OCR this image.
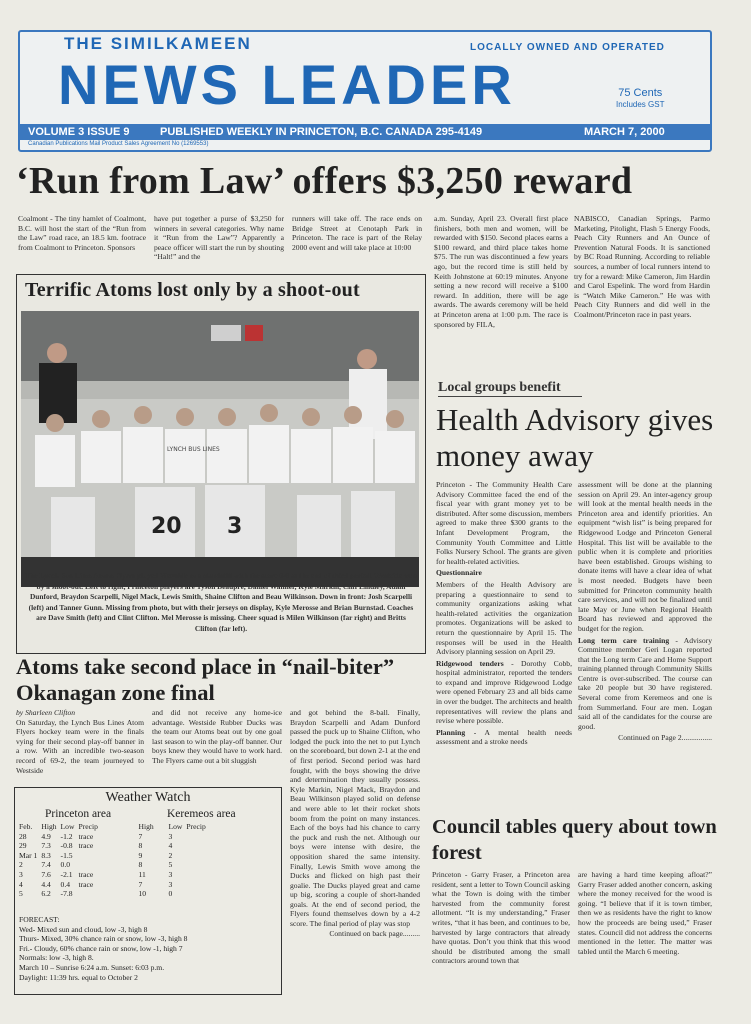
THE SIMILKAMEEN
NEWS LEADER
LOCALLY OWNED AND OPERATED
75 Cents
Includes GST
VOLUME 3 ISSUE 9	PUBLISHED WEEKLY IN PRINCETON, B.C. CANADA 295-4149	MARCH 7, 2000
Canadian Publications Mail Product Sales Agreement No (1269553)
‘Run from Law’ offers $3,250 reward
Coalmont - The tiny hamlet of Coalmont, B.C. will host the start of the “Run from the Law” road race, an 18.5 km. footrace from Coalmont to Princeton. Sponsors
have put together a purse of $3,250 for winners in several categories. Why name it “Run from the Law”? Apparently a peace officer will start the run by shouting “Halt!” and the
runners will take off. The race ends on Bridge Street at Cenotaph Park in Princeton. The race is part of the Relay 2000 event and will take place at 10:00
a.m. Sunday, April 23. Overall first place finishers, both men and women, will be rewarded with $150. Second places earns a $100 reward, and third place takes home $75. The run was discontinued a few years ago, but the record time is still held by Keith Johnstone at 60:19 minutes. Anyone setting a new record will receive a $100 reward. In addition, there will be age awards. The awards ceremony will be held at Princeton arena at 1:00 p.m. The race is sponsored by FILA,
NABISCO, Canadian Springs, Parmo Marketing, Pitolight, Flash 5 Energy Foods, Peach City Runners and An Ounce of Prevention Natural Foods. It is sanctioned by BC Road Running. According to reliable sources, a number of local runners intend to try for a reward: Mike Cameron, Jim Hardin and Carol Espelink. The word from Hardin is “Watch Mike Cameron.” He was with Peach City Runners and did well in the Coalmont/Princeton race in past years.
Terrific Atoms lost only by a shoot-out
20 3
LYNCH BUS LINES
The Lynch Bus Lines Atoms Flyers played Westside to a standstill with the score 6-6 at the end of third period. Westside won by a shoot-out. Left to right, Princeton players are Tyson Beaupré, Daniel Wanner, Kyle Markin, Cliff Lindley, Adam Dunford, Braydon Scarpelli, Nigel Mack, Lewis Smith, Shaine Clifton and Beau Wilkinson. Down in front: Josh Scarpelli (left) and Tanner Gunn. Missing from photo, but with their jerseys on display, Kyle Merosse and Brian Burnstad. Coaches are Dave Smith (left) and Clint Clifton. Mel Merosse is missing. Cheer squad is Milen Wilkinson (far right) and Britts Clifton (far left).
Atoms take second place in “nail-biter” Okanagan zone final
by Sharleen Clifton
On Saturday, the Lynch Bus Lines Atom Flyers hockey team were in the finals vying for their second play-off banner in a row. With an incredible two-season record of 69-2, the team journeyed to Westside
and did not receive any home-ice advantage. Westside Rubber Ducks was the team our Atoms beat out by one goal last season to win the play-off banner. Our boys knew they would have to work hard. The Flyers came out a bit sluggish
and got behind the 8-ball. Finally, Braydon Scarpelli and Adam Dunford passed the puck up to Shaine Clifton, who lodged the puck into the net to put Lynch on the scoreboard, but down 2-1 at the end of first period. Second period was hard fought, with the boys showing the drive and determination they usually possess. Kyle Markin, Nigel Mack, Braydon and Beau Wilkinson played solid on defense and were able to let their rocket shots boom from the point on many instances. Each of the boys had his chance to carry the puck and rush the net. Although our boys were intense with desire, the opposition shared the same intensity. Finally, Lewis Smith wove among the Ducks and flicked on high past their goalie. The Ducks played great and came up big, scoring a couple of short-handed goals. At the end of second period, the Flyers found themselves down by a 4-2 score. The final period of play was stop
Continued on back page.........
Weather Watch
Princeton area	Keremeos area
Feb.	High	Low	Precip	High	Low	Precip
28	4.9	-1.2	trace	7	3	
29	7.3	-0.8	trace	8	4	
Mar 1	8.3	-1.5		9	2	
2	7.4	0.0		8	5	
3	7.6	-2.1	trace	11	3	
4	4.4	0.4	trace	7	3	
5	6.2	-7.8		10	0	
FORECAST:
Wed- Mixed sun and cloud, low -3, high 8
Thurs- Mixed, 30% chance rain or snow, low -3, high 8
Fri.- Cloudy, 60% chance rain or snow, low -1, high 7
Normals: low -3, high 8.
March 10 – Sunrise 6:24 a.m. Sunset: 6:03 p.m.
Daylight: 11:39 hrs. equal to October 2
Local groups benefit
Health Advisory gives money away

Princeton - The Community Health Care Advisory Committee faced the end of the fiscal year with grant money yet to be distributed. After some discussion, members agreed to make three $300 grants to the Infant Development Program, the Community Youth Committee and Little Folks Nursery School. The grants are given for health-related activities.

Questionnaire

Members of the Health Advisory are preparing a questionnaire to send to community organizations asking what health-related activities the organization promotes. Organizations will be asked to return the questionnaire by April 15. The responses will be used in the Health Advisory planning session on April 29.

Ridgewood tenders - Dorothy Cobb, hospital administrator, reported the tenders to expand and improve Ridgewood Lodge were opened February 23 and all bids came in over the budget. The architects and health representatives will review the plans and revise where possible.

Planning - A mental health needs assessment and a stroke needs

assessment will be done at the planning session on April 29. An inter-agency group will look at the mental health needs in the Princeton area and identify priorities. An equipment “wish list” is being prepared for Ridgewood Lodge and Princeton General Hospital. This list will be available to the public when it is complete and priorities have been established. Groups wishing to donate items will have a clear idea of what is most needed. Budgets have been submitted for Princeton community health care services, and will not be finalized until late May or June when Regional Health Board has reviewed and approved the budget for the region.

Long term care training - Advisory Committee member Geri Logan reported that the Long term Care and Home Support training planned through Community Skills Centre is over-subscribed. The course can take 20 people but 30 have registered. Several come from Keremeos and one is from Summerland. Four are men. Logan said all of the candidates for the course are good.

Continued on Page 2................

Council tables query about town forest
Princeton - Garry Fraser, a Princeton area resident, sent a letter to Town Council asking what the Town is doing with the timber harvested from the community forest allotment. “It is my understanding,” Fraser writes, “that it has been, and continues to be, harvested by large contractors that already have quotas. Don’t you think that this wood should be distributed among the small contractors around town that
are having a hard time keeping afloat?” Garry Fraser added another concern, asking where the money received for the wood is going. “I believe that if it is town timber, then we as residents have the right to know how the proceeds are being used,” Fraser states. Council did not address the concerns mentioned in the letter. The matter was tabled until the March 6 meeting.
